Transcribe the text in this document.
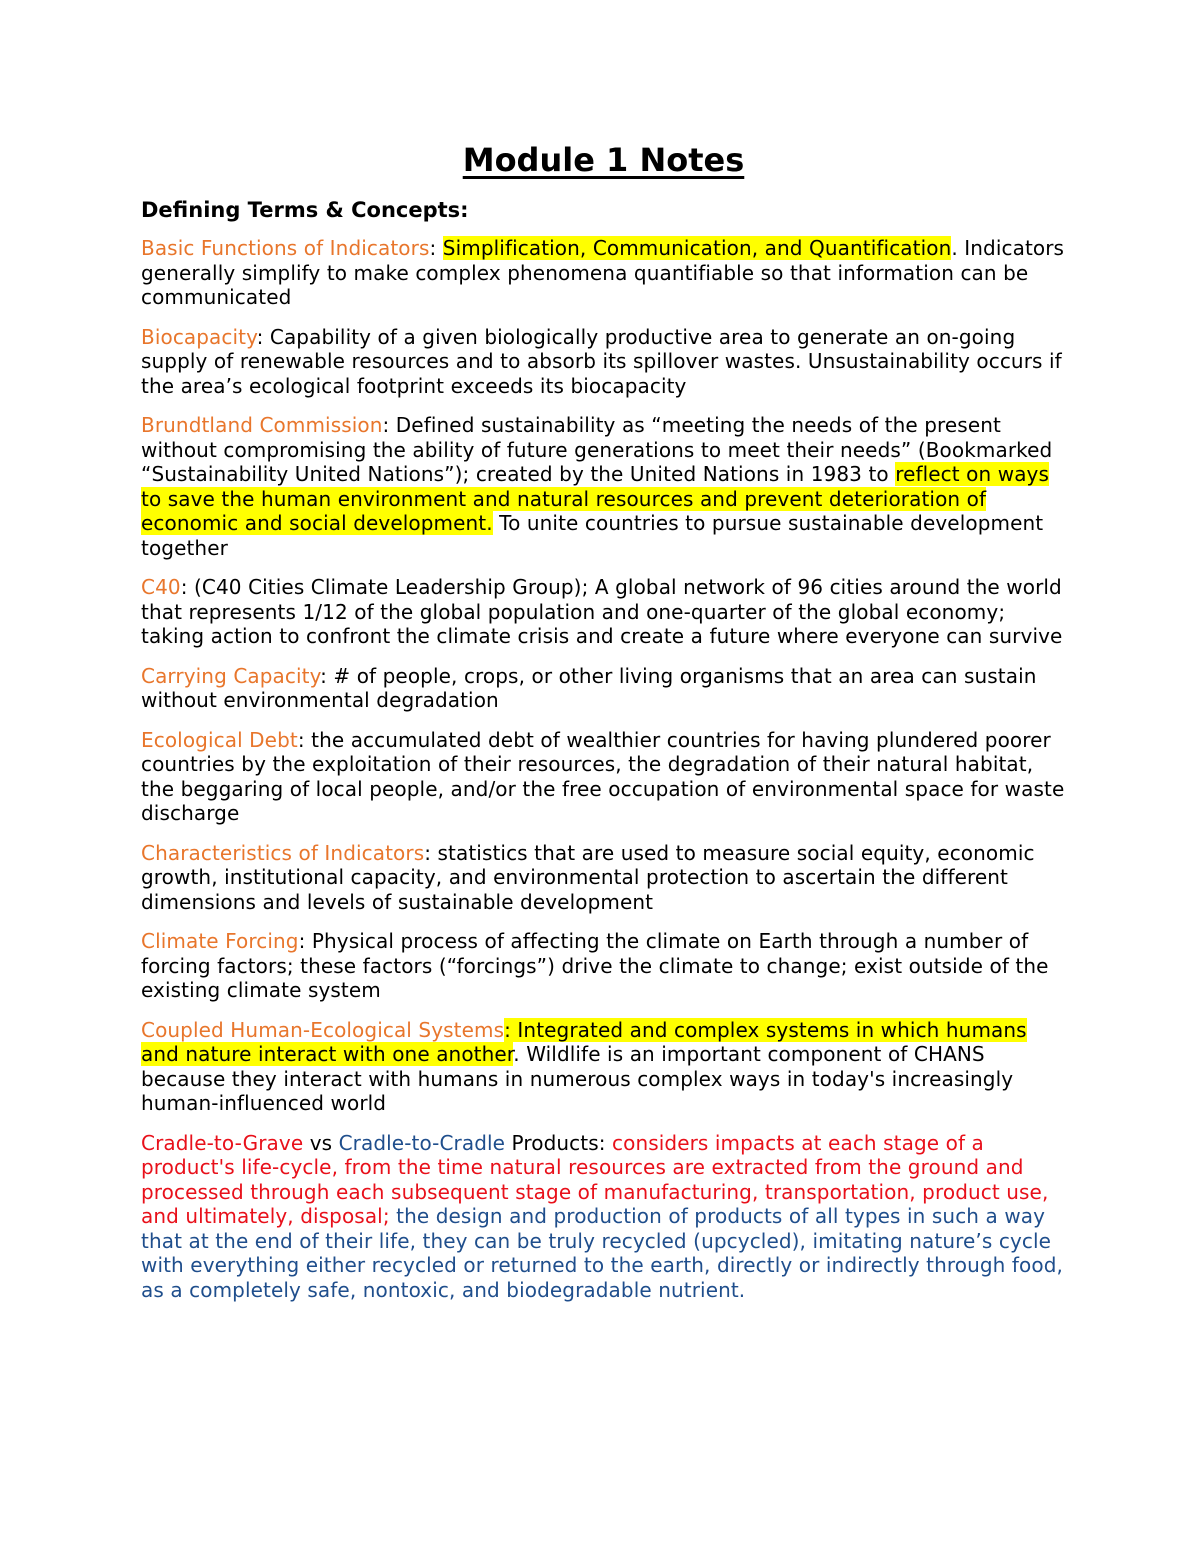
Module 1 Notes
Defining Terms & Concepts:

Basic Functions of Indicators: Simplification, Communication, and Quantification. Indicators generally simplify to make complex phenomena quantifiable so that information can be communicated

Biocapacity: Capability of a given biologically productive area to generate an on-going supply of renewable resources and to absorb its spillover wastes. Unsustainability occurs if the area’s ecological footprint exceeds its biocapacity

Brundtland Commission: Defined sustainability as “meeting the needs of the present without compromising the ability of future generations to meet their needs” (Bookmarked “Sustainability United Nations”); created by the United Nations in 1983 to reflect on ways to save the human environment and natural resources and prevent deterioration of economic and social development. To unite countries to pursue sustainable development together

C40: (C40 Cities Climate Leadership Group); A global network of 96 cities around the world that represents 1/12 of the global population and one-quarter of the global economy; taking action to confront the climate crisis and create a future where everyone can survive

Carrying Capacity: # of people, crops, or other living organisms that an area can sustain without environmental degradation

Ecological Debt: the accumulated debt of wealthier countries for having plundered poorer countries by the exploitation of their resources, the degradation of their natural habitat, the beggaring of local people, and/or the free occupation of environmental space for waste discharge

Characteristics of Indicators: statistics that are used to measure social equity, economic growth, institutional capacity, and environmental protection to ascertain the different dimensions and levels of sustainable development

Climate Forcing: Physical process of affecting the climate on Earth through a number of forcing factors; these factors (“forcings”) drive the climate to change; exist outside of the existing climate system

Coupled Human-Ecological Systems: Integrated and complex systems in which humans and nature interact with one another. Wildlife is an important component of CHANS because they interact with humans in numerous complex ways in today's increasingly human-influenced world

Cradle-to-Grave vs Cradle-to-Cradle Products: considers impacts at each stage of a product's life-cycle, from the time natural resources are extracted from the ground and processed through each subsequent stage of manufacturing, transportation, product use, and ultimately, disposal; the design and production of products of all types in such a way that at the end of their life, they can be truly recycled (upcycled), imitating nature’s cycle with everything either recycled or returned to the earth, directly or indirectly through food, as a completely safe, nontoxic, and biodegradable nutrient.
